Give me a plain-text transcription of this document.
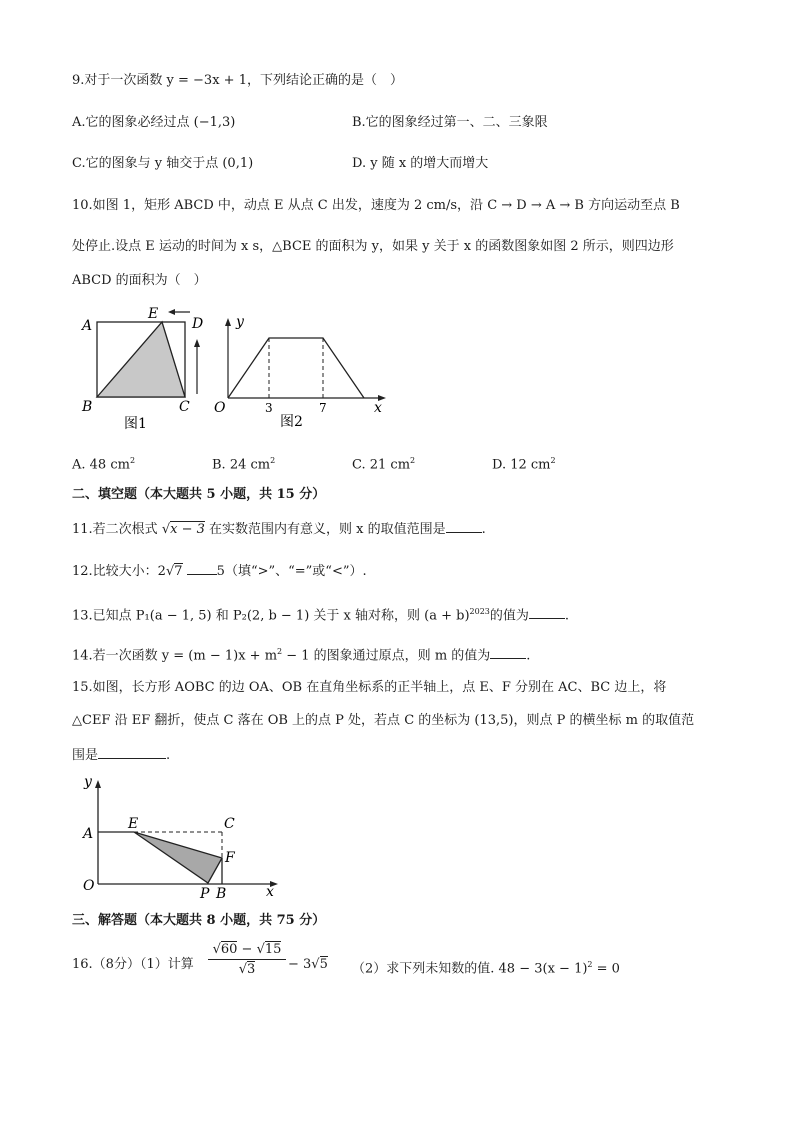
9.对于一次函数 y = −3x + 1，下列结论正确的是（　）
A.它的图象必经过点 (−1,3)	B.它的图象经过第一、二、三象限
C.它的图象与 y 轴交于点 (0,1)	D. y 随 x 的增大而增大
10.如图 1，矩形 ABCD 中，动点 E 从点 C 出发，速度为 2 cm/s，沿 C → D → A → B 方向运动至点 B
处停止.设点 E 运动的时间为 x s，△BCE 的面积为 y，如果 y 关于 x 的函数图象如图 2 所示，则四边形
ABCD 的面积为（　）
A
E
D
B	C
图1
y
O	3	7	x
图2
A. 48 $cm^2$	B. 24 $cm^2$	C. 21 $cm^2$	D. 12 $cm^2$
二、填空题（本大题共 5 小题，共 15 分）
11.若二次根式 √x − 3 在实数范围内有意义，则 x 的取值范围是	.
12.比较大小：2√7	5（填“>”、“=”或“<”）.
13.已知点 P₁(a − 1, 5) 和 P₂(2, b − 1) 关于 x 轴对称，则 $(a + b)^{2023}$的值为	.
14.若一次函数 $y = (m - 1)x + m^2 - 1$ 的图象通过原点，则 m 的值为	.
15.如图，长方形 AOBC 的边 OA、OB 在直角坐标系的正半轴上，点 E、F 分别在 AC、BC 边上，将
△CEF 沿 EF 翻折，使点 C 落在 OB 上的点 P 处，若点 C 的坐标为 (13,5)，则点 P 的横坐标 m 的取值范
围是	.
y
A
E	C
F
O	P B	x
三、解答题（本大题共 8 小题，共 75 分）
16.（8分）（1）计算 $\frac{√60 - √15}{√3} - 3√5$ （2）求下列未知数的值. $48 - 3(x - 1)^2 = 0$
